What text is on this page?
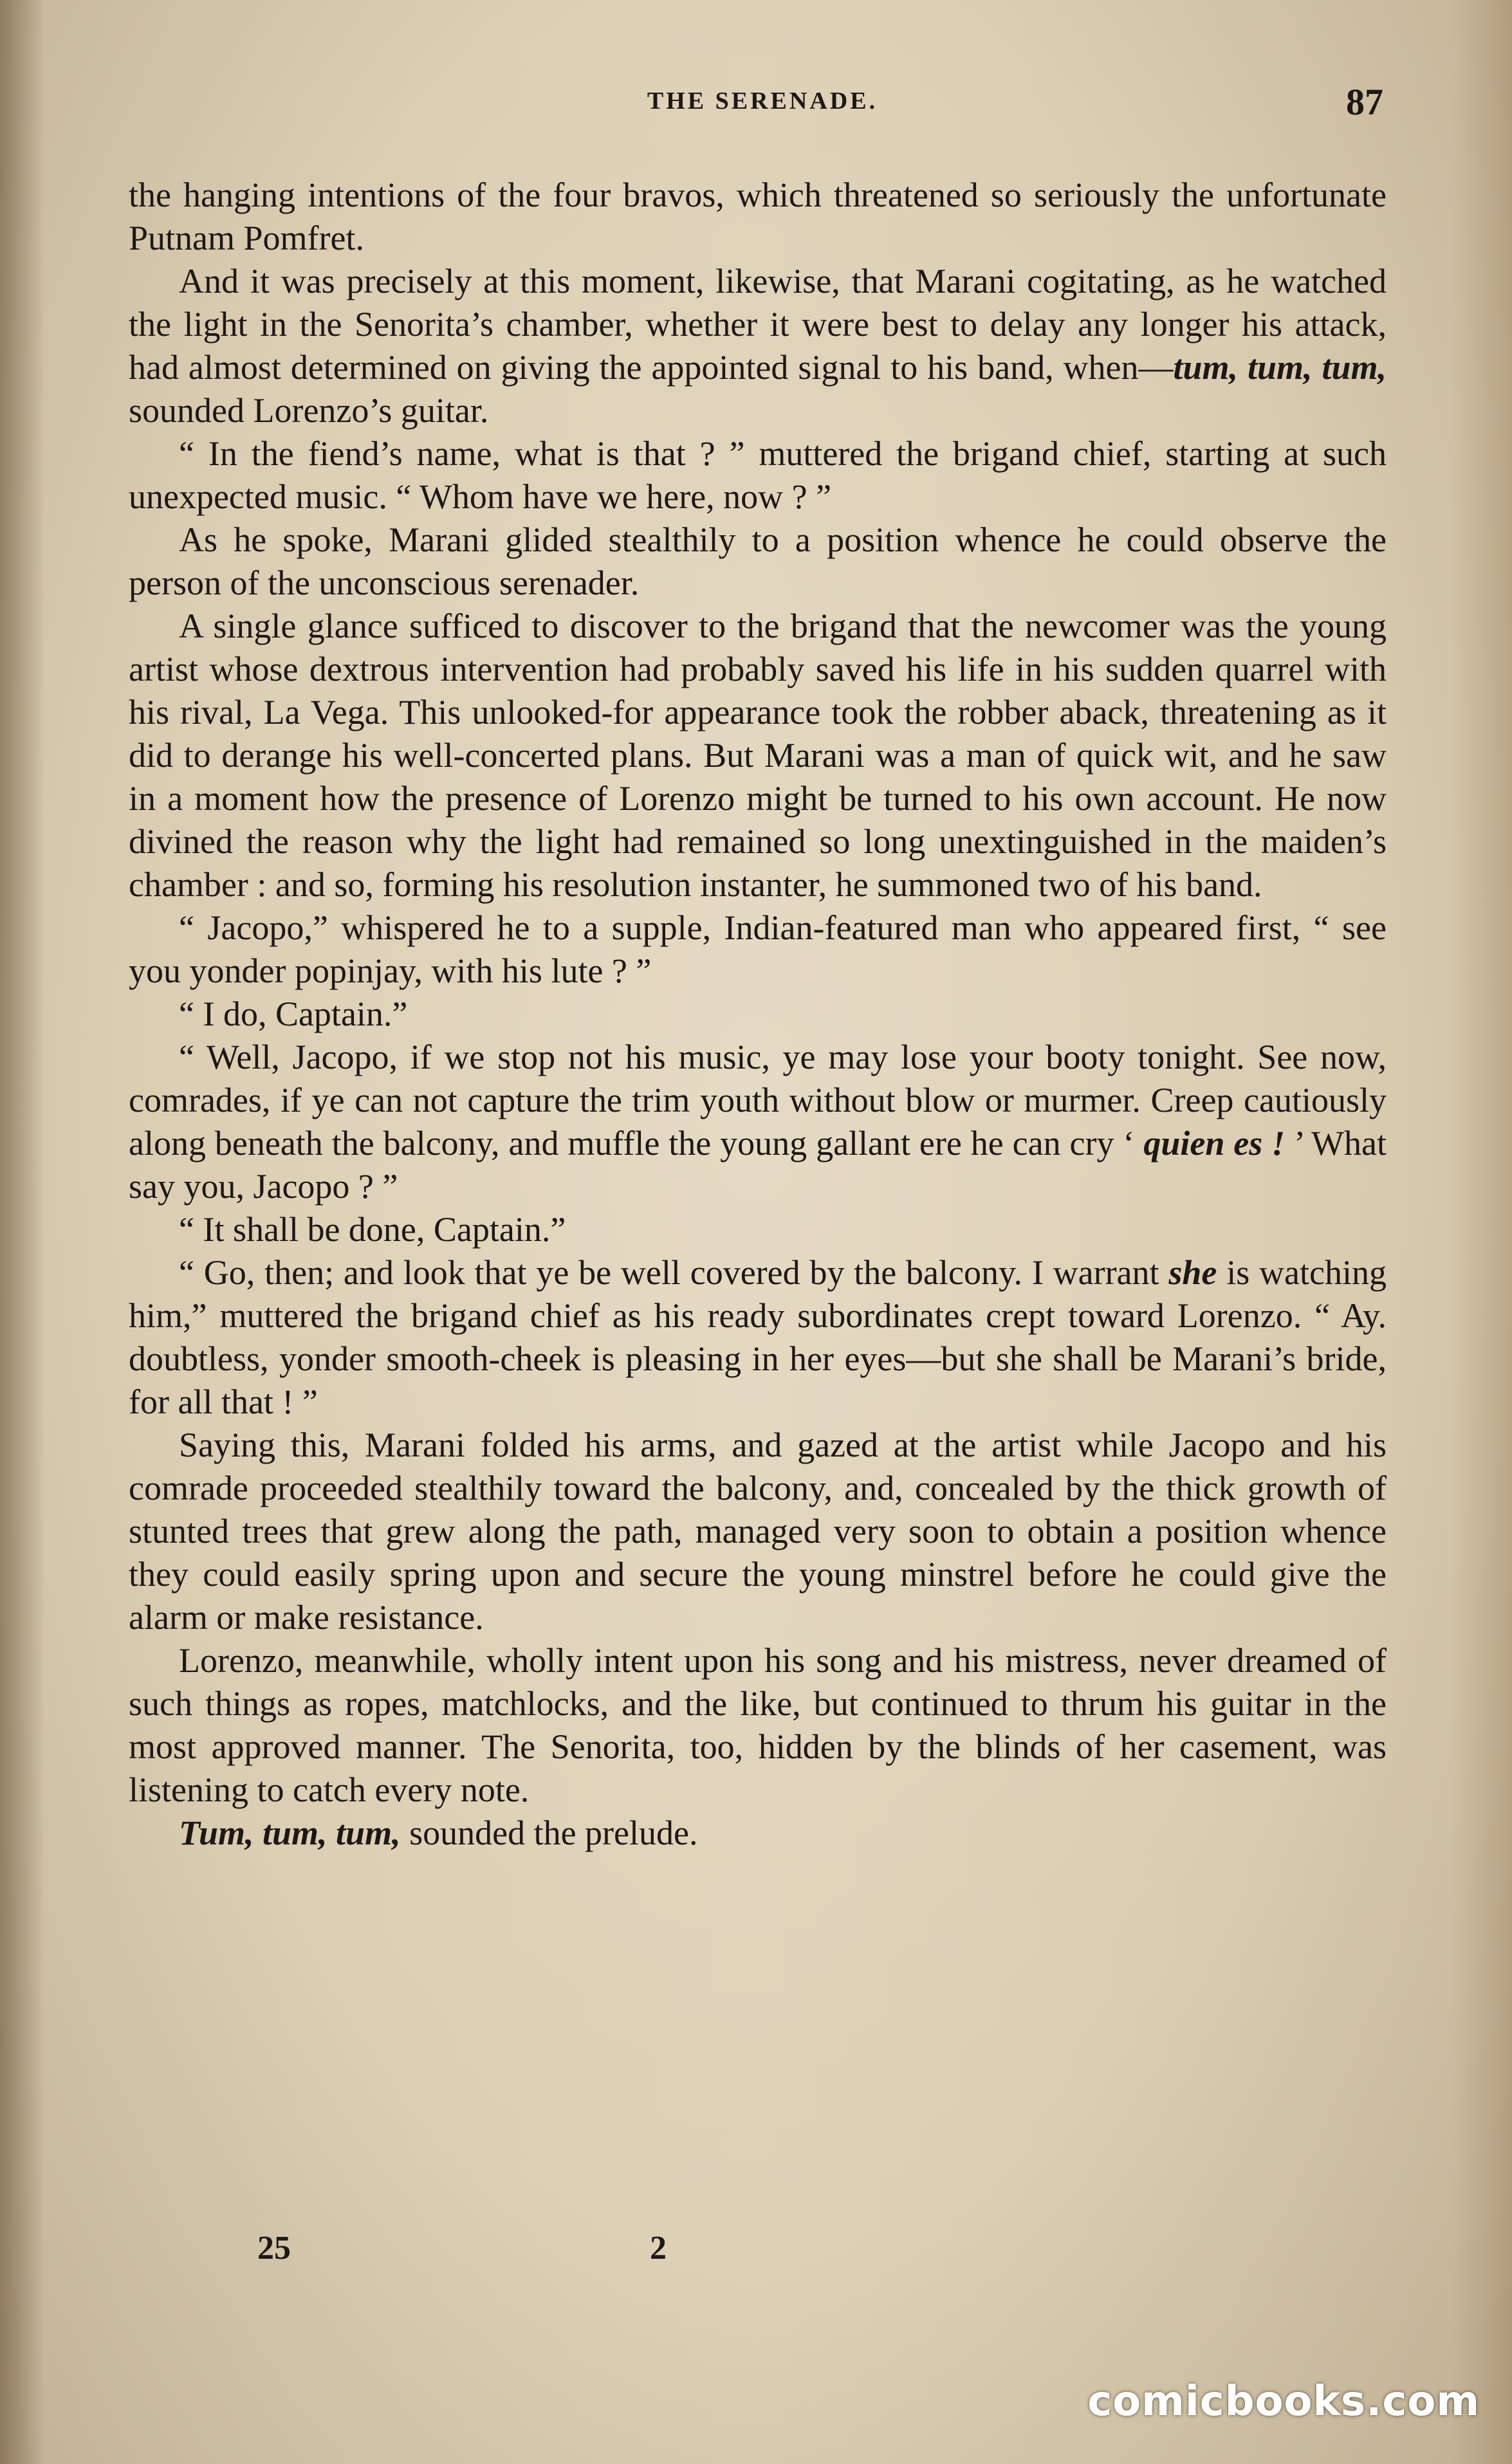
THE SERENADE.	87

the hanging intentions of the four bravos, which threatened so seriously the unfortunate Putnam Pomfret.

And it was precisely at this moment, likewise, that Marani cogitating, as he watched the light in the Senorita’s chamber, whether it were best to delay any longer his attack, had almost determined on giving the appointed signal to his band, when—tum, tum, tum, sounded Lorenzo’s guitar.

“ In the fiend’s name, what is that ? ” muttered the brigand chief, starting at such unexpected music. “ Whom have we here, now ? ”

As he spoke, Marani glided stealthily to a position whence he could observe the person of the unconscious serenader.

A single glance sufficed to discover to the brigand that the newcomer was the young artist whose dextrous intervention had probably saved his life in his sudden quarrel with his rival, La Vega. This unlooked-for appearance took the robber aback, threatening as it did to derange his well-concerted plans. But Marani was a man of quick wit, and he saw in a moment how the presence of Lorenzo might be turned to his own account. He now divined the reason why the light had remained so long unextinguished in the maiden’s chamber : and so, forming his resolution instanter, he summoned two of his band.

“ Jacopo,” whispered he to a supple, Indian-featured man who appeared first, “ see you yonder popinjay, with his lute ? ”

“ I do, Captain.”

“ Well, Jacopo, if we stop not his music, ye may lose your booty tonight. See now, comrades, if ye can not capture the trim youth without blow or murmer. Creep cautiously along beneath the balcony, and muffle the young gallant ere he can cry ‘ quien es ! ’ What say you, Jacopo ? ”

“ It shall be done, Captain.”

“ Go, then; and look that ye be well covered by the balcony. I warrant she is watching him,” muttered the brigand chief as his ready subordinates crept toward Lorenzo. “ Ay. doubtless, yonder smooth-cheek is pleasing in her eyes—but she shall be Marani’s bride, for all that ! ”

Saying this, Marani folded his arms, and gazed at the artist while Jacopo and his comrade proceeded stealthily toward the balcony, and, concealed by the thick growth of stunted trees that grew along the path, managed very soon to obtain a position whence they could easily spring upon and secure the young minstrel before he could give the alarm or make resistance.

Lorenzo, meanwhile, wholly intent upon his song and his mistress, never dreamed of such things as ropes, matchlocks, and the like, but continued to thrum his guitar in the most approved manner. The Senorita, too, hidden by the blinds of her casement, was listening to catch every note.

Tum, tum, tum, sounded the prelude.

25	2
comicbooks.com
